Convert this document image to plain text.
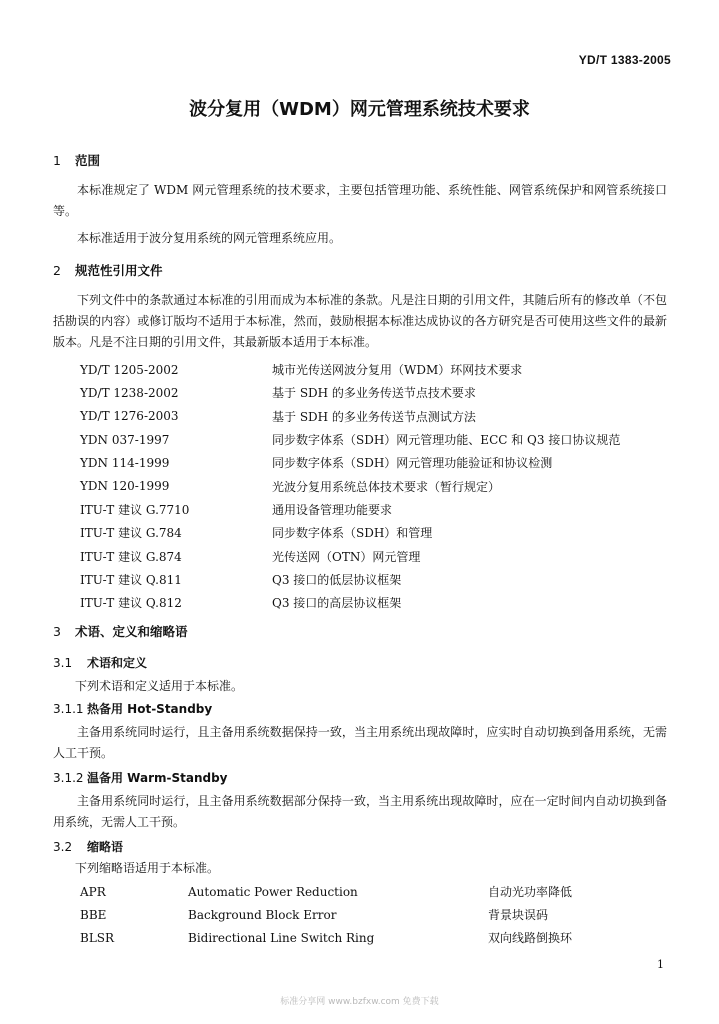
YD/T 1383-2005
波分复用（WDM）网元管理系统技术要求
1 范围
本标准规定了 WDM 网元管理系统的技术要求，主要包括管理功能、系统性能、网管系统保护和网管系统接口等。
本标准适用于波分复用系统的网元管理系统应用。
2 规范性引用文件
下列文件中的条款通过本标准的引用而成为本标准的条款。凡是注日期的引用文件，其随后所有的修改单（不包括勘误的内容）或修订版均不适用于本标准，然而，鼓励根据本标准达成协议的各方研究是否可使用这些文件的最新版本。凡是不注日期的引用文件，其最新版本适用于本标准。
YD/T 1205-2002	城市光传送网波分复用（WDM）环网技术要求
YD/T 1238-2002	基于 SDH 的多业务传送节点技术要求
YD/T 1276-2003	基于 SDH 的多业务传送节点测试方法
YDN 037-1997	同步数字体系（SDH）网元管理功能、ECC 和 Q3 接口协议规范
YDN 114-1999	同步数字体系（SDH）网元管理功能验证和协议检测
YDN 120-1999	光波分复用系统总体技术要求（暂行规定）
ITU-T 建议 G.7710	通用设备管理功能要求
ITU-T 建议 G.784	同步数字体系（SDH）和管理
ITU-T 建议 G.874	光传送网（OTN）网元管理
ITU-T 建议 Q.811	Q3 接口的低层协议框架
ITU-T 建议 Q.812	Q3 接口的高层协议框架
3 术语、定义和缩略语
3.1 术语和定义
下列术语和定义适用于本标准。
3.1.1 热备用 Hot-Standby
主备用系统同时运行，且主备用系统数据保持一致，当主用系统出现故障时，应实时自动切换到备用系统，无需人工干预。
3.1.2 温备用 Warm-Standby
主备用系统同时运行，且主备用系统数据部分保持一致，当主用系统出现故障时，应在一定时间内自动切换到备用系统，无需人工干预。
3.2 缩略语
下列缩略语适用于本标准。
APR	Automatic Power Reduction	自动光功率降低
BBE	Background Block Error	背景块误码
BLSR	Bidirectional Line Switch Ring	双向线路倒换环
1
标准分享网 www.bzfxw.com 免费下载
